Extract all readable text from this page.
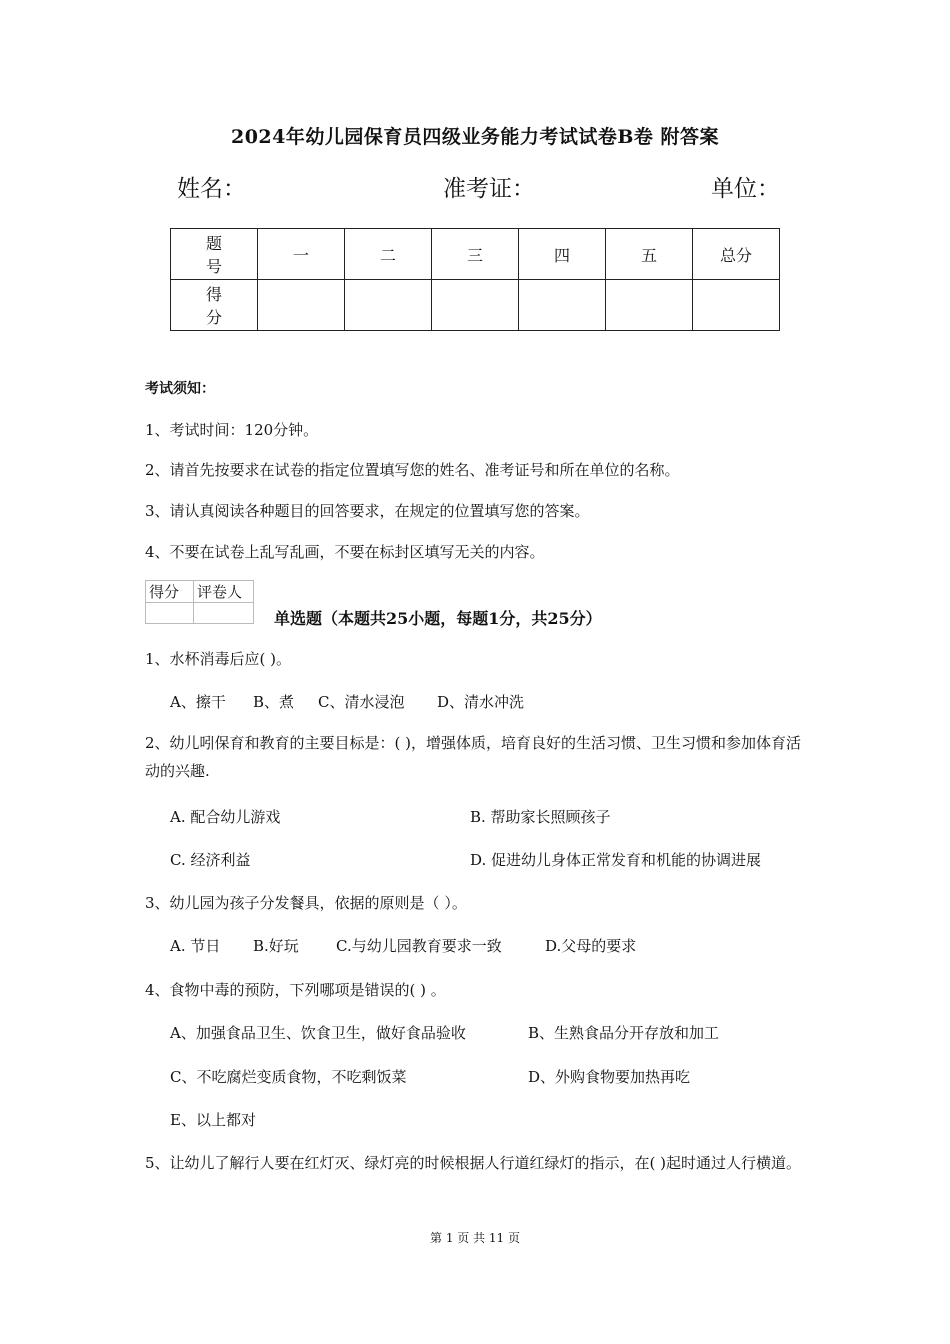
2024年幼儿园保育员四级业务能力考试试卷B卷 附答案
姓名：	准考证：	单位：
题 号	一	二	三	四	五	总分
得 分						
考试须知：
1、考试时间：120分钟。
2、请首先按要求在试卷的指定位置填写您的姓名、准考证号和所在单位的名称。
3、请认真阅读各种题目的回答要求，在规定的位置填写您的答案。
4、不要在试卷上乱写乱画，不要在标封区填写无关的内容。
得分	评卷人

单选题（本题共25小题，每题1分，共25分）
1、水杯消毒后应( )。
A、擦干 B、煮 C、清水浸泡 D、清水冲洗
2、幼儿吲保育和教育的主要目标是：( )，增强体质，培育良好的生活习惯、卫生习惯和参加体育活动的兴趣.
A. 配合幼儿游戏	B. 帮助家长照顾孩子
C. 经济利益	D. 促进幼儿身体正常发育和机能的协调进展
3、幼儿园为孩子分发餐具，依据的原则是（ ）。
A. 节日 B.好玩 C.与幼儿园教育要求一致	D.父母的要求
4、食物中毒的预防，下列哪项是错误的( ) 。
A、加强食品卫生、饮食卫生，做好食品验收	B、生熟食品分开存放和加工
C、不吃腐烂变质食物，不吃剩饭菜	D、外购食物要加热再吃
E、以上都对
5、让幼儿了解行人要在红灯灭、绿灯亮的时候根据人行道红绿灯的指示，在( )起时通过人行横道。
第 1 页 共 11 页
